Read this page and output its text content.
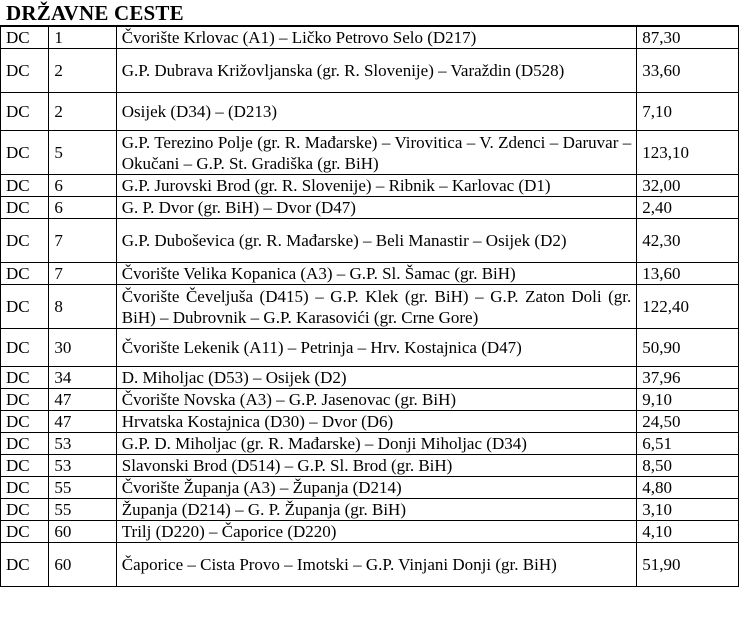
DRŽAVNE CESTE
DC	1	Čvorište Krlovac (A1) – Ličko Petrovo Selo (D217)	87,30
DC	2	G.P. Dubrava Križovljanska (gr. R. Slovenije) – Varaždin (D528)	33,60
DC	2	Osijek (D34) – (D213)	7,10
DC	5	G.P. Terezino Polje (gr. R. Mađarske) – Virovitica – V. Zdenci – Daruvar – Okučani – G.P. St. Gradiška (gr. BiH)	123,10
DC	6	G.P. Jurovski Brod (gr. R. Slovenije) – Ribnik – Karlovac (D1)	32,00
DC	6	G. P. Dvor (gr. BiH) – Dvor (D47)	2,40
DC	7	G.P. Duboševica (gr. R. Mađarske) – Beli Manastir – Osijek (D2)	42,30
DC	7	Čvorište Velika Kopanica (A3) – G.P. Sl. Šamac (gr. BiH)	13,60
DC	8	Čvorište Čeveljuša (D415) – G.P. Klek (gr. BiH) – G.P. Zaton Doli (gr. BiH) – Dubrovnik – G.P. Karasovići (gr. Crne Gore)	122,40
DC	30	Čvorište Lekenik (A11) – Petrinja – Hrv. Kostajnica (D47)	50,90
DC	34	D. Miholjac (D53) – Osijek (D2)	37,96
DC	47	Čvorište Novska (A3) – G.P. Jasenovac (gr. BiH)	9,10
DC	47	Hrvatska Kostajnica (D30) – Dvor (D6)	24,50
DC	53	G.P. D. Miholjac (gr. R. Mađarske) – Donji Miholjac (D34)	6,51
DC	53	Slavonski Brod (D514) – G.P. Sl. Brod (gr. BiH)	8,50
DC	55	Čvorište Županja (A3) – Županja (D214)	4,80
DC	55	Županja (D214) – G. P. Županja (gr. BiH)	3,10
DC	60	Trilj (D220) – Čaporice (D220)	4,10
DC	60	Čaporice – Cista Provo – Imotski – G.P. Vinjani Donji (gr. BiH)	51,90
